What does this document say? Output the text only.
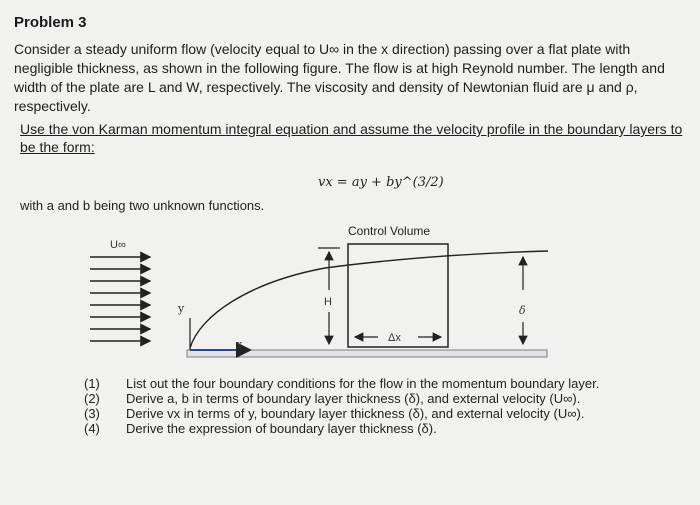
Problem 3
Consider a steady uniform flow (velocity equal to U∞ in the x direction) passing over a flat plate with negligible thickness, as shown in the following figure. The flow is at high Reynold number. The length and width of the plate are L and W, respectively. The viscosity and density of Newtonian fluid are μ and ρ, respectively.
Use the von Karman momentum integral equation and assume the velocity profile in the boundary layers to be the form:
vx = ay + by^(3/2)
with a and b being two unknown functions.
U∞
y
x
Control Volume
H
Δx
δ
(1)	List out the four boundary conditions for the flow in the momentum boundary layer.
(2)	Derive a, b in terms of boundary layer thickness (δ), and external velocity (U∞).
(3)	Derive vx in terms of y, boundary layer thickness (δ), and external velocity (U∞).
(4)	Derive the expression of boundary layer thickness (δ).
